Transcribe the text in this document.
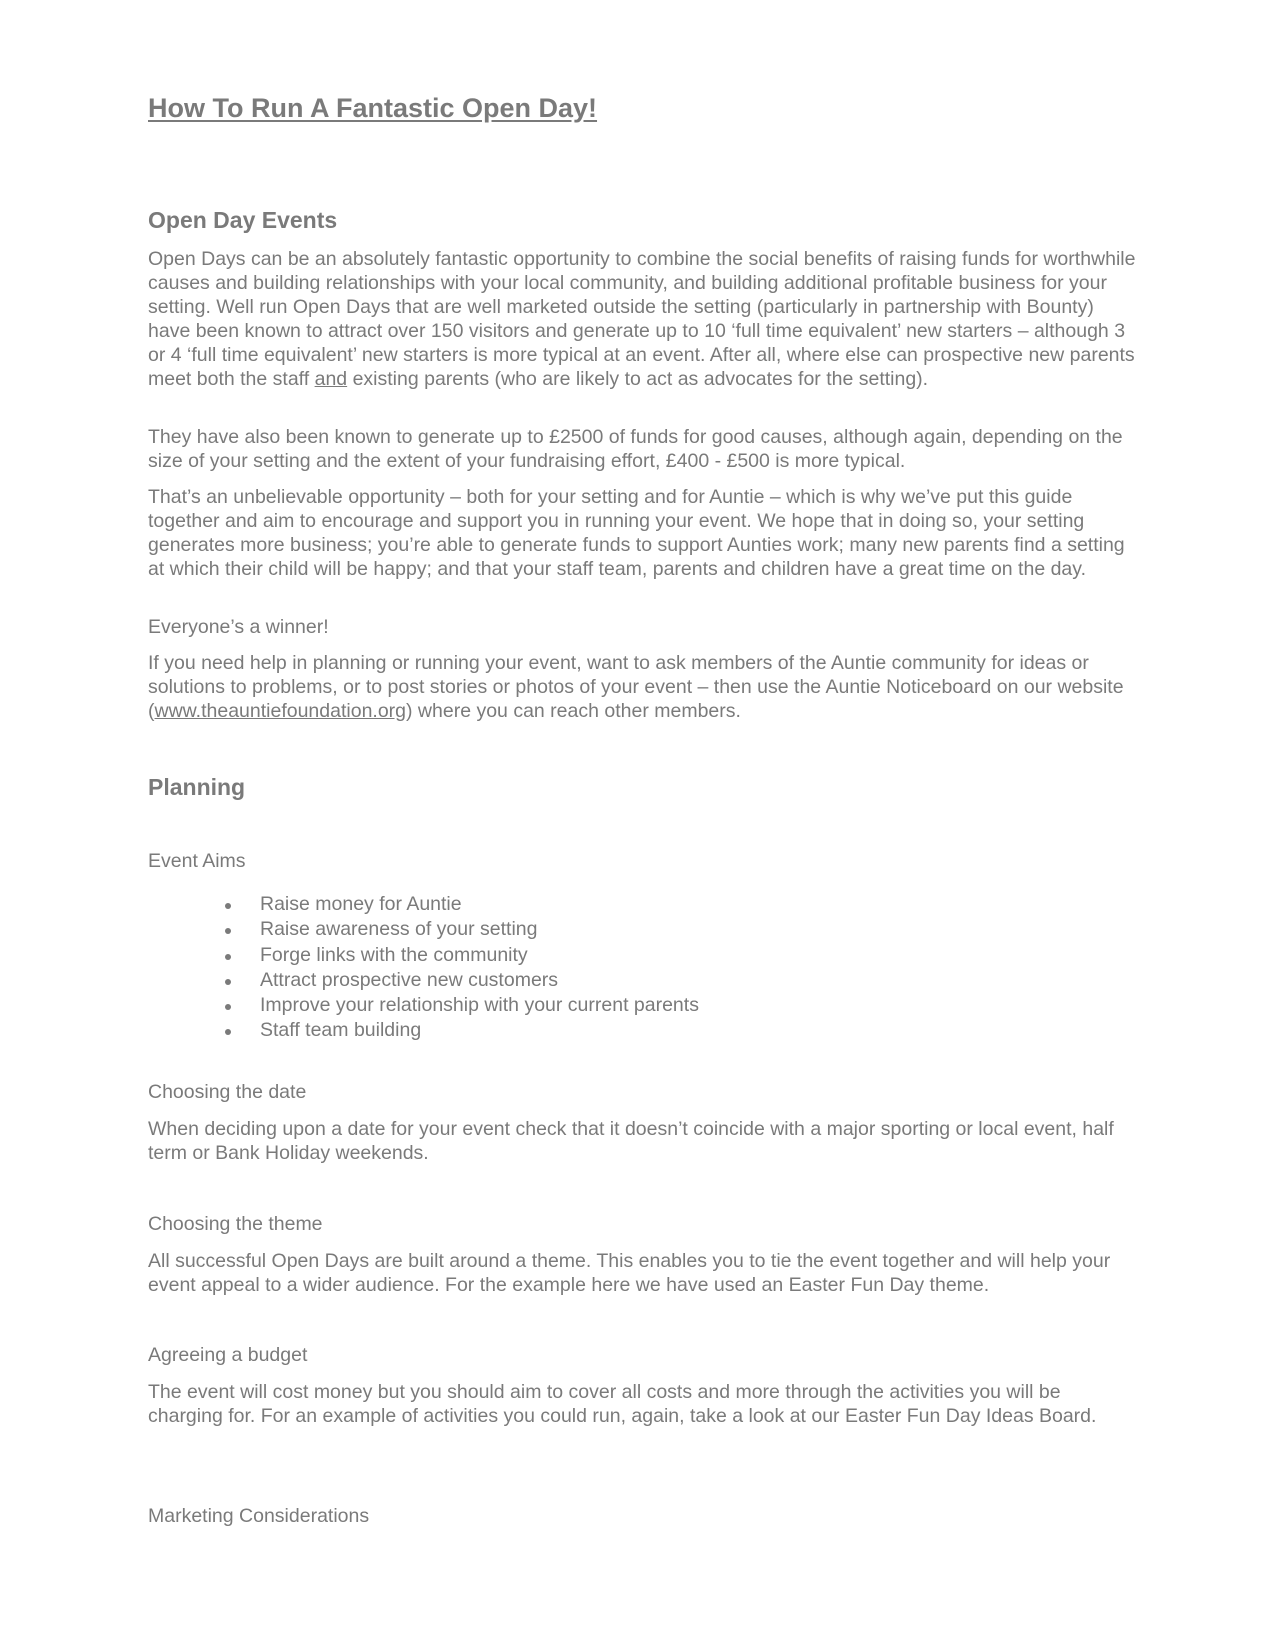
How To Run A Fantastic Open Day!
Open Day Events

Open Days can be an absolutely fantastic opportunity to combine the social benefits of raising funds for worthwhile causes and building relationships with your local community, and building additional profitable business for your setting. Well run Open Days that are well marketed outside the setting (particularly in partnership with Bounty) have been known to attract over 150 visitors and generate up to 10 ‘full time equivalent’ new starters – although 3 or 4 ‘full time equivalent’ new starters is more typical at an event. After all, where else can prospective new parents meet both the staff and existing parents (who are likely to act as advocates for the setting).

They have also been known to generate up to £2500 of funds for good causes, although again, depending on the size of your setting and the extent of your fundraising effort, £400 - £500 is more typical.

That’s an unbelievable opportunity – both for your setting and for Auntie – which is why we’ve put this guide together and aim to encourage and support you in running your event. We hope that in doing so, your setting generates more business; you’re able to generate funds to support Aunties work; many new parents find a setting at which their child will be happy; and that your staff team, parents and children have a great time on the day.

Everyone’s a winner!

If you need help in planning or running your event, want to ask members of the Auntie community for ideas or solutions to problems, or to post stories or photos of your event – then use the Auntie Noticeboard on our website (www.theauntiefoundation.org) where you can reach other members.

Planning
Event Aims
Raise money for Auntie
Raise awareness of your setting
Forge links with the community
Attract prospective new customers
Improve your relationship with your current parents
Staff team building
Choosing the date

When deciding upon a date for your event check that it doesn’t coincide with a major sporting or local event, half term or Bank Holiday weekends.

Choosing the theme

All successful Open Days are built around a theme. This enables you to tie the event together and will help your event appeal to a wider audience. For the example here we have used an Easter Fun Day theme.

Agreeing a budget

The event will cost money but you should aim to cover all costs and more through the activities you will be charging for. For an example of activities you could run, again, take a look at our Easter Fun Day Ideas Board.

Marketing Considerations
